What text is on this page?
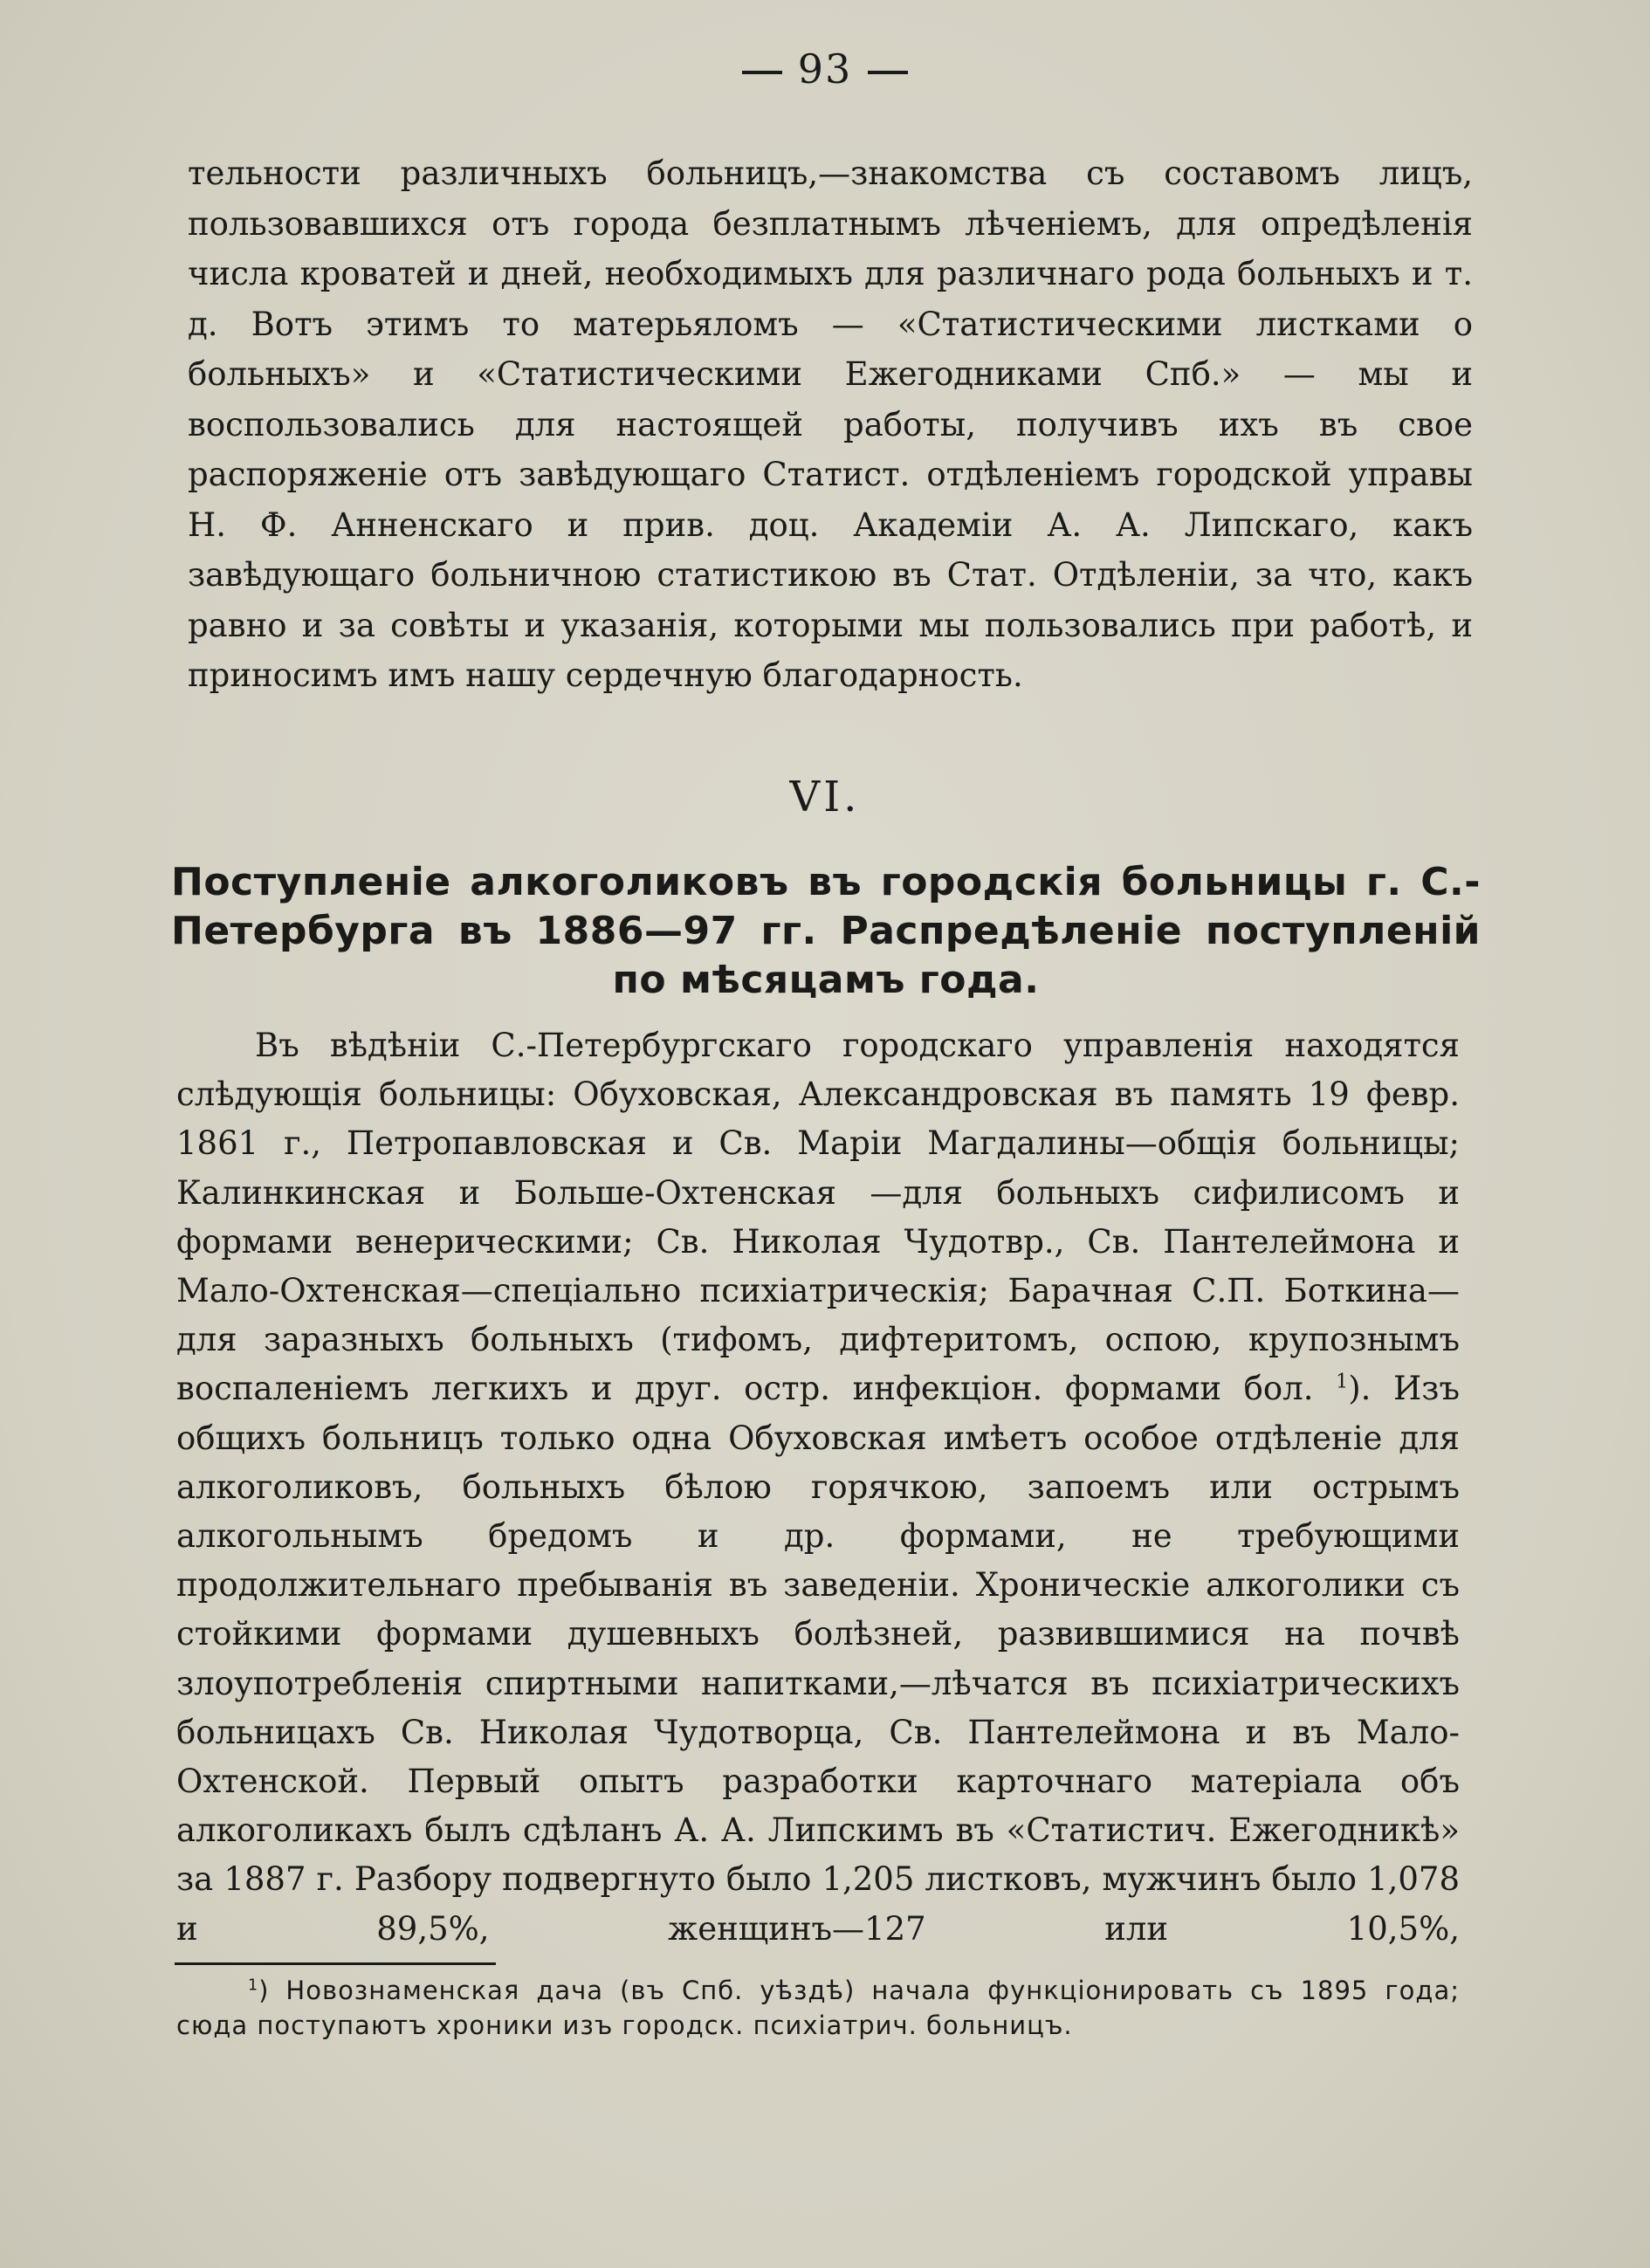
93
тельности различныхъ больницъ,—знакомства съ составомъ лицъ, пользовавшихся отъ города безплатнымъ лѣченіемъ, для опредѣленія числа кроватей и дней, необходимыхъ для различнаго рода больныхъ и т. д. Вотъ этимъ то матерьяломъ — «Статистическими листками о больныхъ» и «Статистическими Ежегодниками Спб.» — мы и воспользовались для настоящей работы, получивъ ихъ въ свое распоряженіе отъ завѣдующаго Статист. отдѣленіемъ городской управы Н. Ф. Анненскаго и прив. доц. Академіи А. А. Липскаго, какъ завѣдующаго больничною статистикою въ Стат. Отдѣленіи, за что, какъ равно и за совѣты и указанія, которыми мы пользовались при работѣ, и приносимъ имъ нашу сердечную благодарность.
VI.
Поступленіе алкоголиковъ въ городскія больницы г. С.-Петербурга въ 1886—97 гг. Распредѣленіе поступленій по мѣсяцамъ года.
Въ вѣдѣніи С.-Петербургскаго городскаго управленія находятся слѣдующія больницы: Обуховская, Александровская въ память 19 февр. 1861 г., Петропавловская и Св. Маріи Магдалины—общія больницы; Калинкинская и Больше-Охтенская —для больныхъ сифилисомъ и формами венерическими; Св. Николая Чудотвр., Св. Пантелеймона и Мало-Охтенская—спеціально психіатрическія; Барачная С.П. Боткина—для заразныхъ больныхъ (тифомъ, дифтеритомъ, оспою, крупознымъ воспаленіемъ легкихъ и друг. остр. инфекціон. формами бол. $^1$). Изъ общихъ больницъ только одна Обуховская имѣетъ особое отдѣленіе для алкоголиковъ, больныхъ бѣлою горячкою, запоемъ или острымъ алкогольнымъ бредомъ и др. формами, не требующими продолжительнаго пребыванія въ заведеніи. Хроническіе алкоголики съ стойкими формами душевныхъ болѣзней, развившимися на почвѣ злоупотребленія спиртными напитками,—лѣчатся въ психіатрическихъ больницахъ Св. Николая Чудотворца, Св. Пантелеймона и въ Мало-Охтенской. Первый опытъ разработки карточнаго матеріала объ алкоголикахъ былъ сдѣланъ А. А. Липскимъ въ «Статистич. Ежегодникѣ» за 1887 г. Разбору подвергнуто было 1,205 листковъ, мужчинъ было 1,078 и 89,5%, женщинъ—127 или 10,5%,
$^1$) Новознаменская дача (въ Спб. уѣздѣ) начала функціонировать съ 1895 года; сюда поступаютъ хроники изъ городск. психіатрич. больницъ.
